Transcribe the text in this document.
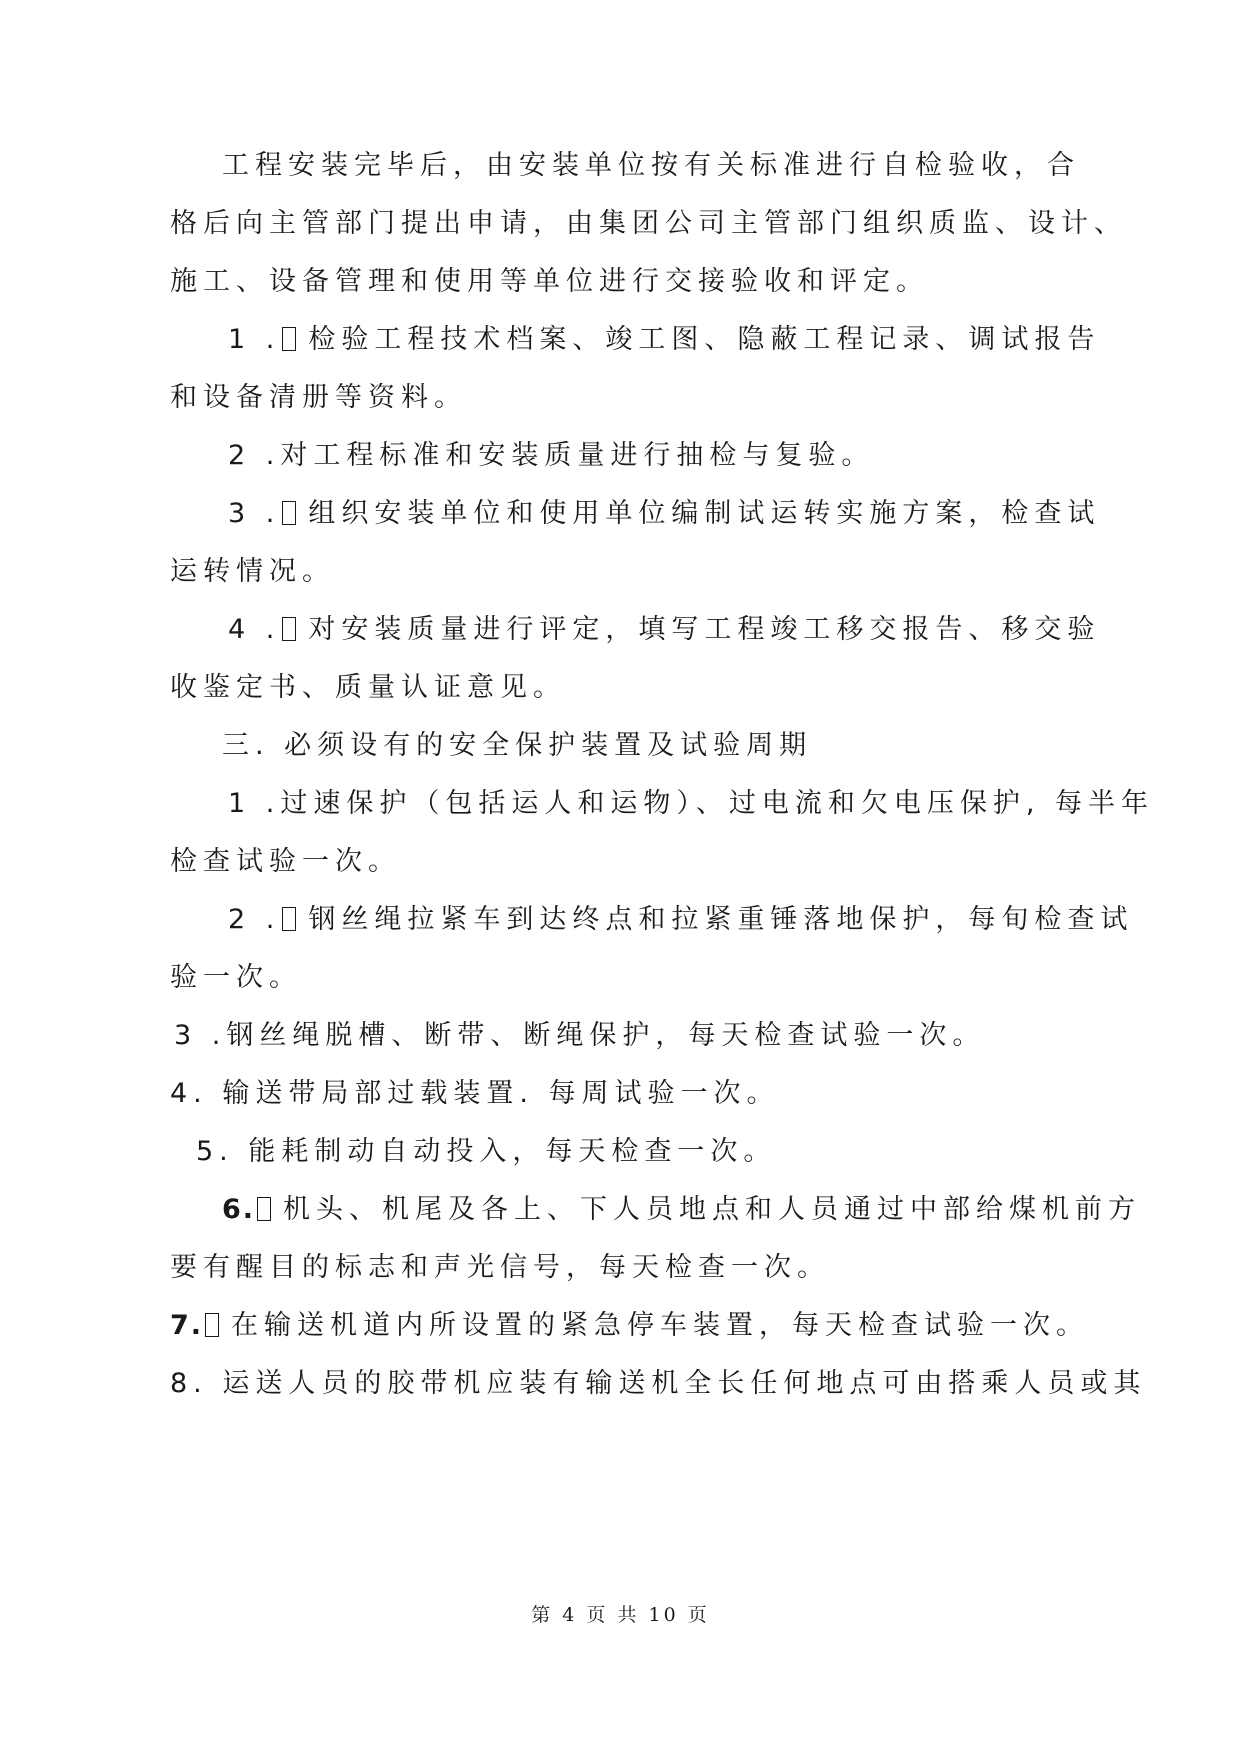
工程安装完毕后，由安装单位按有关标准进行自检验收，合

格后向主管部门提出申请，由集团公司主管部门组织质监、设计、

施工、设备管理和使用等单位进行交接验收和评定。

1 . 检验工程技术档案、竣工图、隐蔽工程记录、调试报告

和设备清册等资料。

2 .对工程标准和安装质量进行抽检与复验。

3 . 组织安装单位和使用单位编制试运转实施方案，检查试

运转情况。

4 . 对安装质量进行评定，填写工程竣工移交报告、移交验

收鉴定书、质量认证意见。

三. 必须设有的安全保护装置及试验周期

1 .过速保护（包括运人和运物）、过电流和欠电压保护, 每半年

检查试验一次。

2 . 钢丝绳拉紧车到达终点和拉紧重锤落地保护，每旬检查试

验一次。

3 .钢丝绳脱槽、断带、断绳保护，每天检查试验一次。

4. 输送带局部过载装置. 每周试验一次。

5. 能耗制动自动投入，每天检查一次。

6. 机头、机尾及各上、下人员地点和人员通过中部给煤机前方

要有醒目的标志和声光信号，每天检查一次。

7. 在输送机道内所设置的紧急停车装置，每天检查试验一次。

8. 运送人员的胶带机应装有输送机全长任何地点可由搭乘人员或其

第 4 页 共 10 页
